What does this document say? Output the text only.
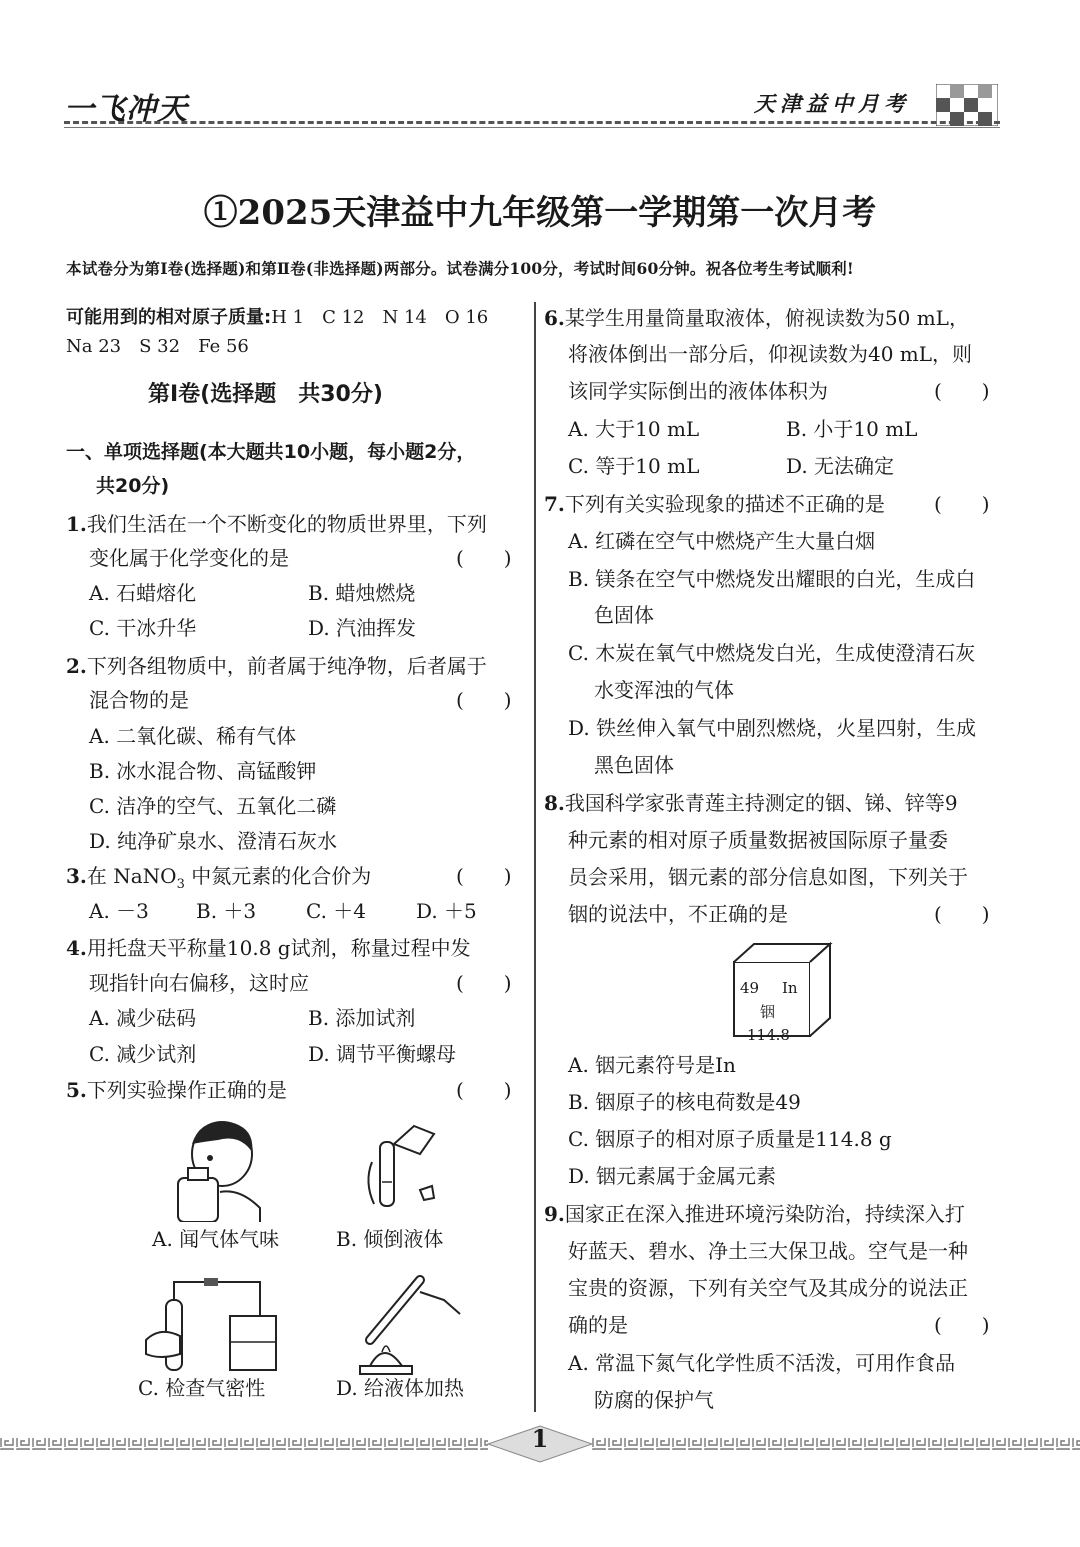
一飞冲天	天津益中月考
①2025天津益中九年级第一学期第一次月考
本试卷分为第Ⅰ卷(选择题)和第Ⅱ卷(非选择题)两部分。试卷满分100分，考试时间60分钟。祝各位考生考试顺利!
可能用到的相对原子质量:H 1　C 12　N 14　O 16
Na 23　S 32　Fe 56
第Ⅰ卷(选择题　共30分)
一、单项选择题(本大题共10小题，每小题2分，
共20分)
1.我们生活在一个不断变化的物质世界里，下列
变化属于化学变化的是	(　　)
A. 石蜡熔化	B. 蜡烛燃烧
C. 干冰升华	D. 汽油挥发
2.下列各组物质中，前者属于纯净物，后者属于
混合物的是	(　　)
A. 二氧化碳、稀有气体
B. 冰水混合物、高锰酸钾
C. 洁净的空气、五氧化二磷
D. 纯净矿泉水、澄清石灰水
3.在 NaNO$_3$ 中氮元素的化合价为	(　　)
A. －3 B. ＋3 C. ＋4 D. ＋5
4.用托盘天平称量10.8 g试剂，称量过程中发
现指针向右偏移，这时应	(　　)
A. 减少砝码	B. 添加试剂
C. 减少试剂	D. 调节平衡螺母
5.下列实验操作正确的是	(　　)
A. 闻气体气味	B. 倾倒液体
C. 检查气密性	D. 给液体加热
6.某学生用量筒量取液体，俯视读数为50 mL，
将液体倒出一部分后，仰视读数为40 mL，则
该同学实际倒出的液体体积为	(　　)
A. 大于10 mL	B. 小于10 mL
C. 等于10 mL	D. 无法确定
7.下列有关实验现象的描述不正确的是 (　　)
A. 红磷在空气中燃烧产生大量白烟
B. 镁条在空气中燃烧发出耀眼的白光，生成白
色固体
C. 木炭在氧气中燃烧发白光，生成使澄清石灰
水变浑浊的气体
D. 铁丝伸入氧气中剧烈燃烧，火星四射，生成
黑色固体
8.我国科学家张青莲主持测定的铟、锑、锌等9
种元素的相对原子质量数据被国际原子量委
员会采用，铟元素的部分信息如图，下列关于
铟的说法中，不正确的是	(　　)
49 In
铟
114.8
A. 铟元素符号是In
B. 铟原子的核电荷数是49
C. 铟原子的相对原子质量是114.8 g
D. 铟元素属于金属元素
9.国家正在深入推进环境污染防治，持续深入打
好蓝天、碧水、净土三大保卫战。空气是一种
宝贵的资源，下列有关空气及其成分的说法正
确的是	(　　)
A. 常温下氮气化学性质不活泼，可用作食品
防腐的保护气
1
